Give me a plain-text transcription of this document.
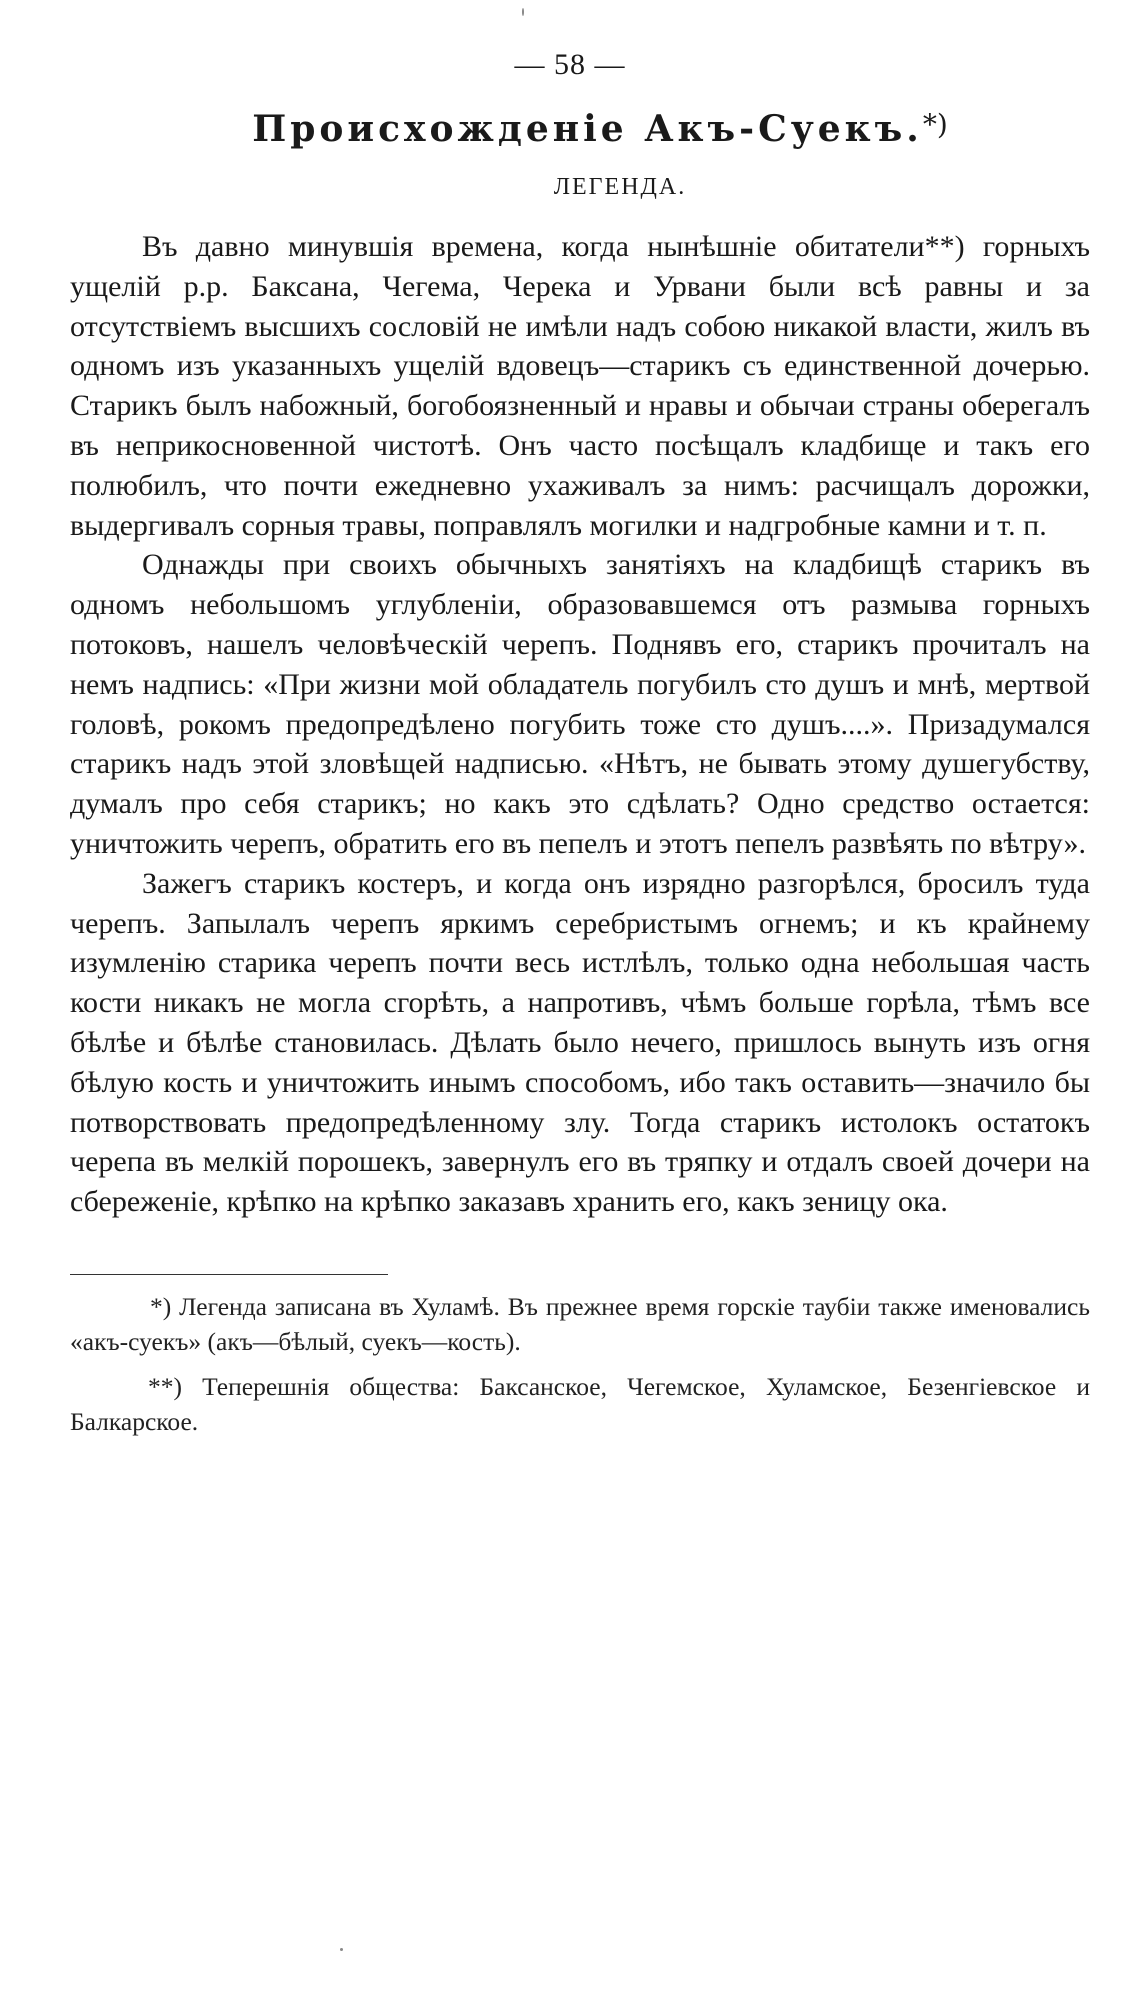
— 58 —
Происхожденіе Акъ-Суекъ.*)
ЛЕГЕНДА.

Въ давно минувшія времена, когда нынѣшніе обитатели**) горныхъ ущелій р.р. Баксана, Чегема, Черека и Урвани были всѣ равны и за отсутствіемъ высшихъ сословій не имѣли надъ собою никакой власти, жилъ въ одномъ изъ указанныхъ ущелій вдовецъ—старикъ съ единственной дочерью. Старикъ былъ набожный, богобоязненный и нравы и обычаи страны оберегалъ въ неприкосновенной чистотѣ. Онъ часто посѣщалъ кладбище и такъ его полюбилъ, что почти ежедневно ухаживалъ за нимъ: расчищалъ дорожки, выдергивалъ сорныя травы, поправлялъ могилки и надгробные камни и т. п.

Однажды при своихъ обычныхъ занятіяхъ на кладбищѣ старикъ въ одномъ небольшомъ углубленіи, образовавшемся отъ размыва горныхъ потоковъ, нашелъ человѣческій черепъ. Поднявъ его, старикъ прочиталъ на немъ надпись: «При жизни мой обладатель погубилъ сто душъ и мнѣ, мертвой головѣ, рокомъ предопредѣлено погубить тоже сто душъ....». Призадумался старикъ надъ этой зловѣщей надписью. «Нѣтъ, не бывать этому душегубству, думалъ про себя старикъ; но какъ это сдѣлать? Одно средство остается: уничтожить черепъ, обратить его въ пепелъ и этотъ пепелъ развѣять по вѣтру».

Зажегъ старикъ костеръ, и когда онъ изрядно разгорѣлся, бросилъ туда черепъ. Запылалъ черепъ яркимъ серебристымъ огнемъ; и къ крайнему изумленію старика черепъ почти весь истлѣлъ, только одна небольшая часть кости никакъ не могла сгорѣть, а напротивъ, чѣмъ больше горѣла, тѣмъ все бѣлѣе и бѣлѣе становилась. Дѣлать было нечего, пришлось вынуть изъ огня бѣлую кость и уничтожить инымъ способомъ, ибо такъ оставить—значило бы потворствовать предопредѣленному злу. Тогда старикъ истолокъ остатокъ черепа въ мелкій порошекъ, завернулъ его въ тряпку и отдалъ своей дочери на сбереженіе, крѣпко на крѣпко заказавъ хранить его, какъ зеницу ока.

*) Легенда записана въ Хуламѣ. Въ прежнее время горскіе таубіи также именовались «акъ-суекъ» (акъ—бѣлый, суекъ—кость).

**) Теперешнія общества: Баксанское, Чегемское, Хуламское, Безенгіевское и Балкарское.
